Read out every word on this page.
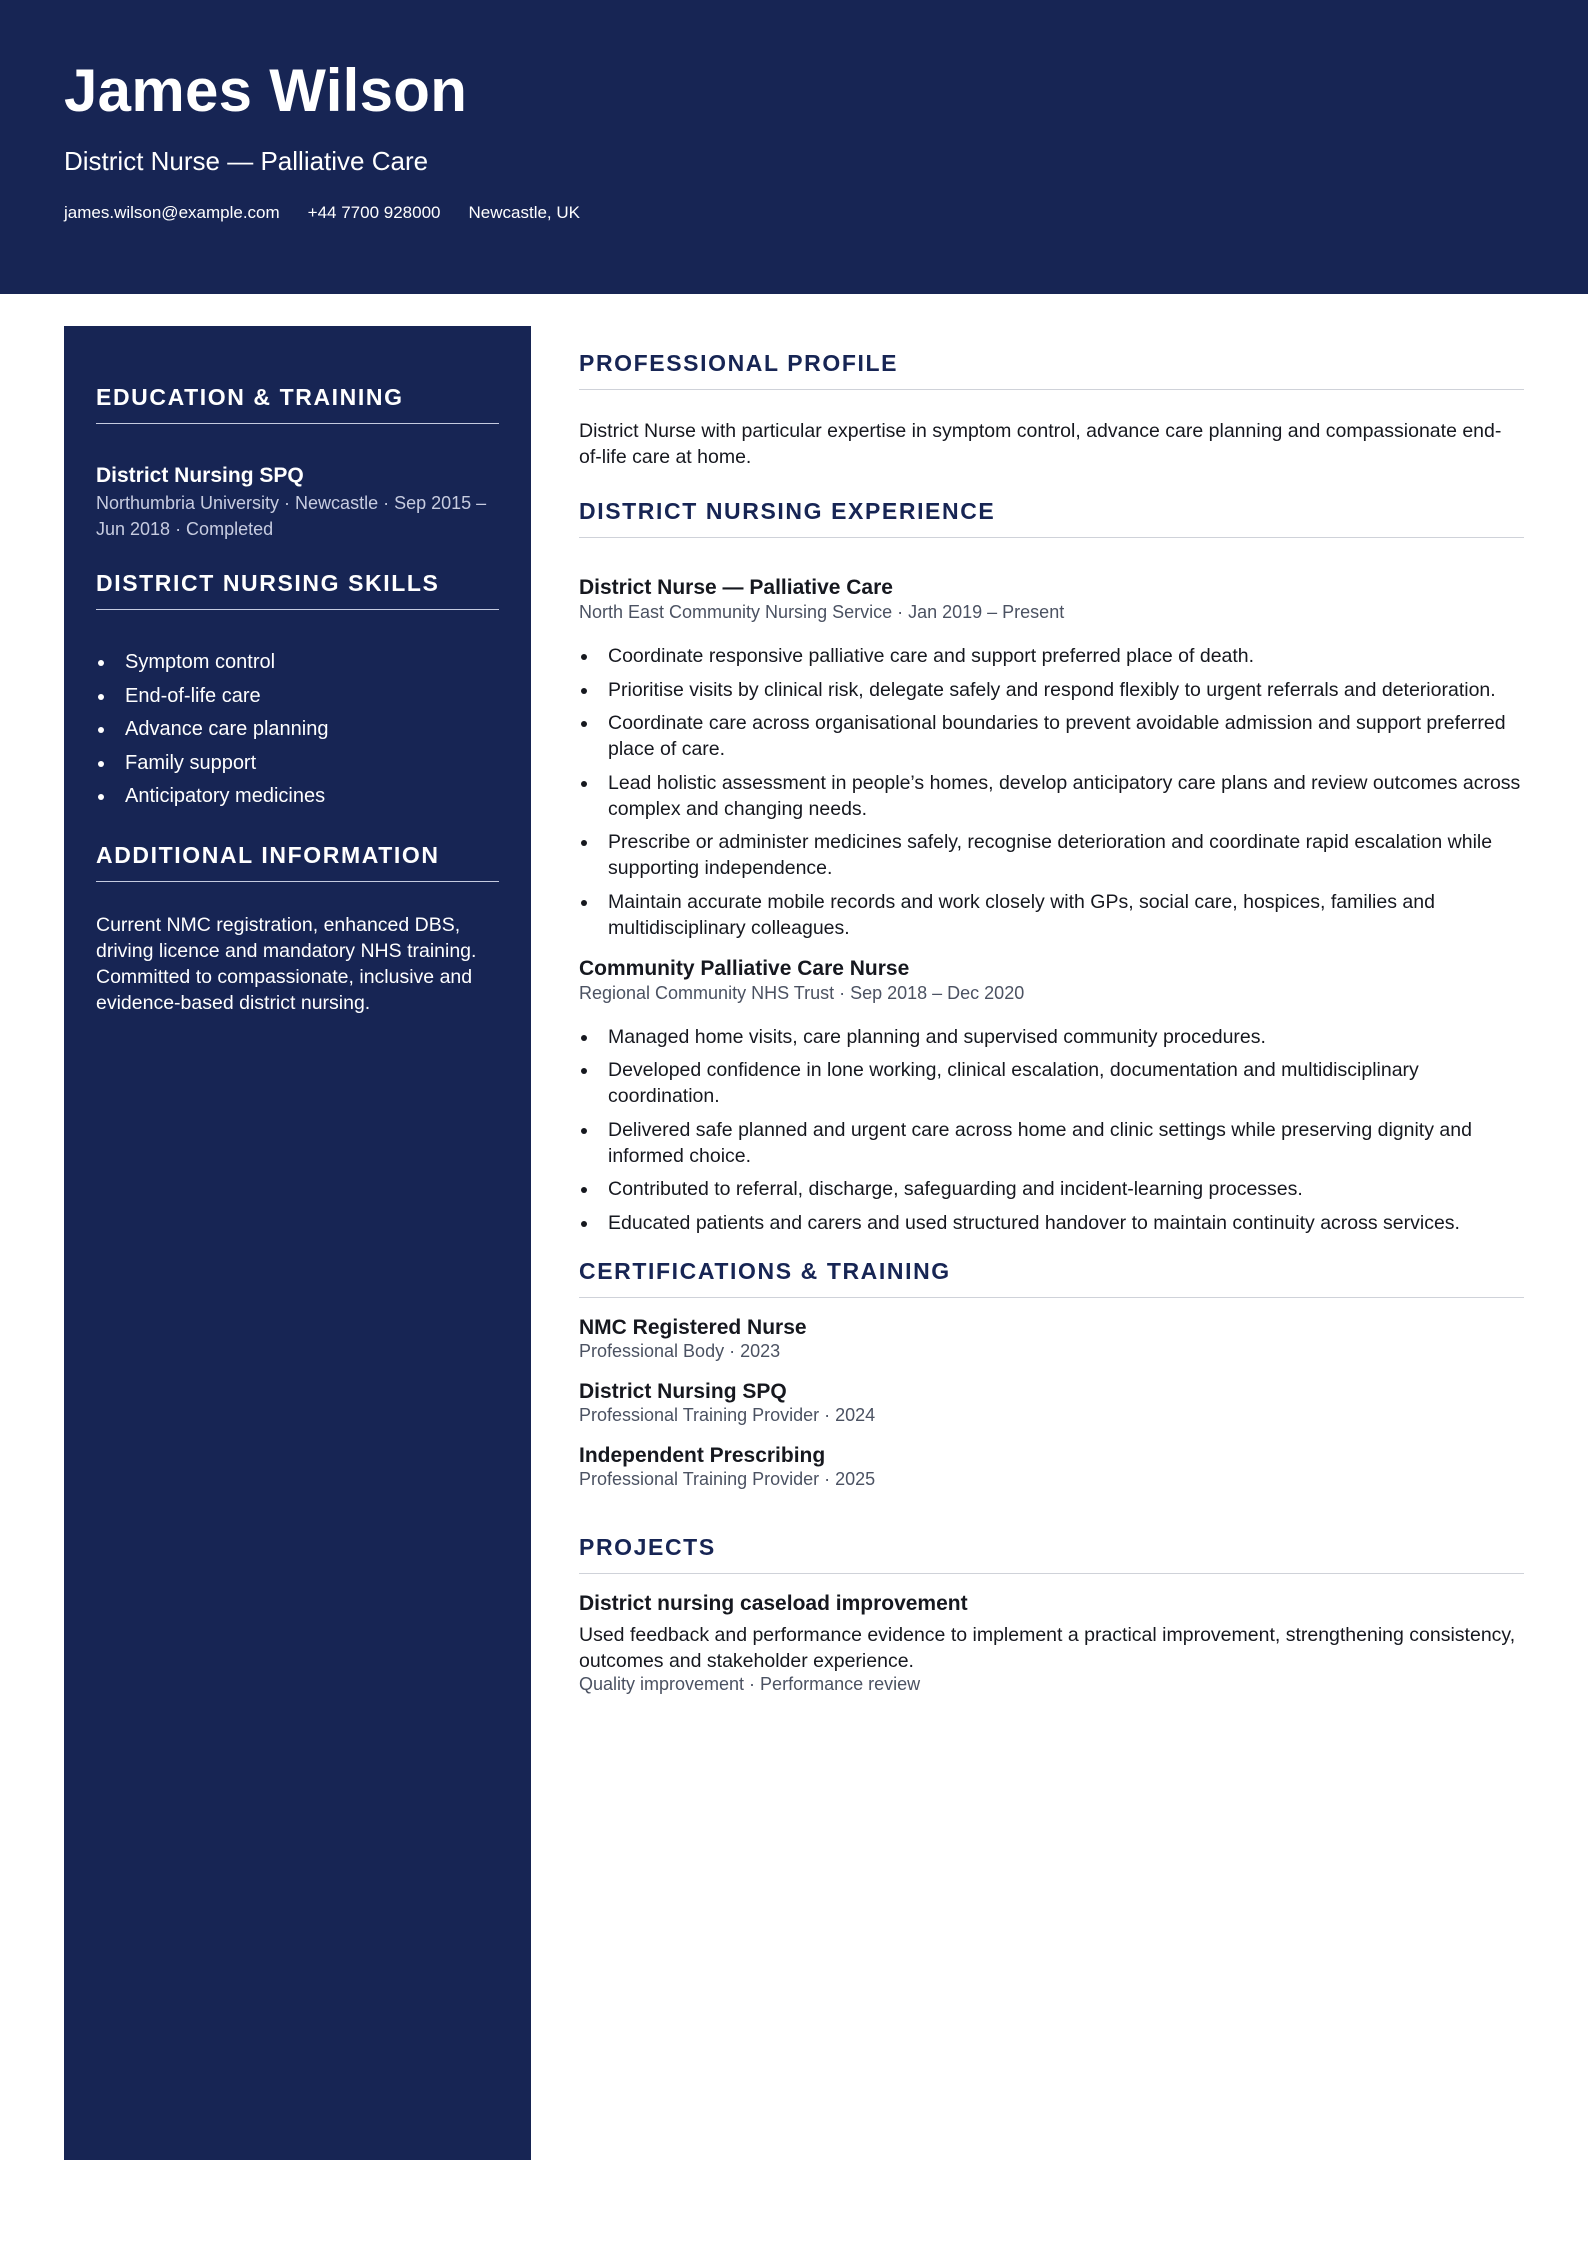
James Wilson
District Nurse — Palliative Care
james.wilson@example.com +44 7700 928000 Newcastle, UK
EDUCATION & TRAINING
District Nursing SPQ
Northumbria University · Newcastle · Sep 2015 – Jun 2018 · Completed
DISTRICT NURSING SKILLS
Symptom control
End-of-life care
Advance care planning
Family support
Anticipatory medicines
ADDITIONAL INFORMATION
Current NMC registration, enhanced DBS, driving licence and mandatory NHS training. Committed to compassionate, inclusive and evidence-based district nursing.
PROFESSIONAL PROFILE
District Nurse with particular expertise in symptom control, advance care planning and compassionate end-of-life care at home.
DISTRICT NURSING EXPERIENCE
District Nurse — Palliative Care
North East Community Nursing Service · Jan 2019 – Present
Coordinate responsive palliative care and support preferred place of death.
Prioritise visits by clinical risk, delegate safely and respond flexibly to urgent referrals and deterioration.
Coordinate care across organisational boundaries to prevent avoidable admission and support preferred place of care.
Lead holistic assessment in people’s homes, develop anticipatory care plans and review outcomes across complex and changing needs.
Prescribe or administer medicines safely, recognise deterioration and coordinate rapid escalation while supporting independence.
Maintain accurate mobile records and work closely with GPs, social care, hospices, families and multidisciplinary colleagues.
Community Palliative Care Nurse
Regional Community NHS Trust · Sep 2018 – Dec 2020
Managed home visits, care planning and supervised community procedures.
Developed confidence in lone working, clinical escalation, documentation and multidisciplinary coordination.
Delivered safe planned and urgent care across home and clinic settings while preserving dignity and informed choice.
Contributed to referral, discharge, safeguarding and incident-learning processes.
Educated patients and carers and used structured handover to maintain continuity across services.
CERTIFICATIONS & TRAINING
NMC Registered Nurse
Professional Body · 2023
District Nursing SPQ
Professional Training Provider · 2024
Independent Prescribing
Professional Training Provider · 2025
PROJECTS
District nursing caseload improvement
Used feedback and performance evidence to implement a practical improvement, strengthening consistency, outcomes and stakeholder experience.
Quality improvement · Performance review
